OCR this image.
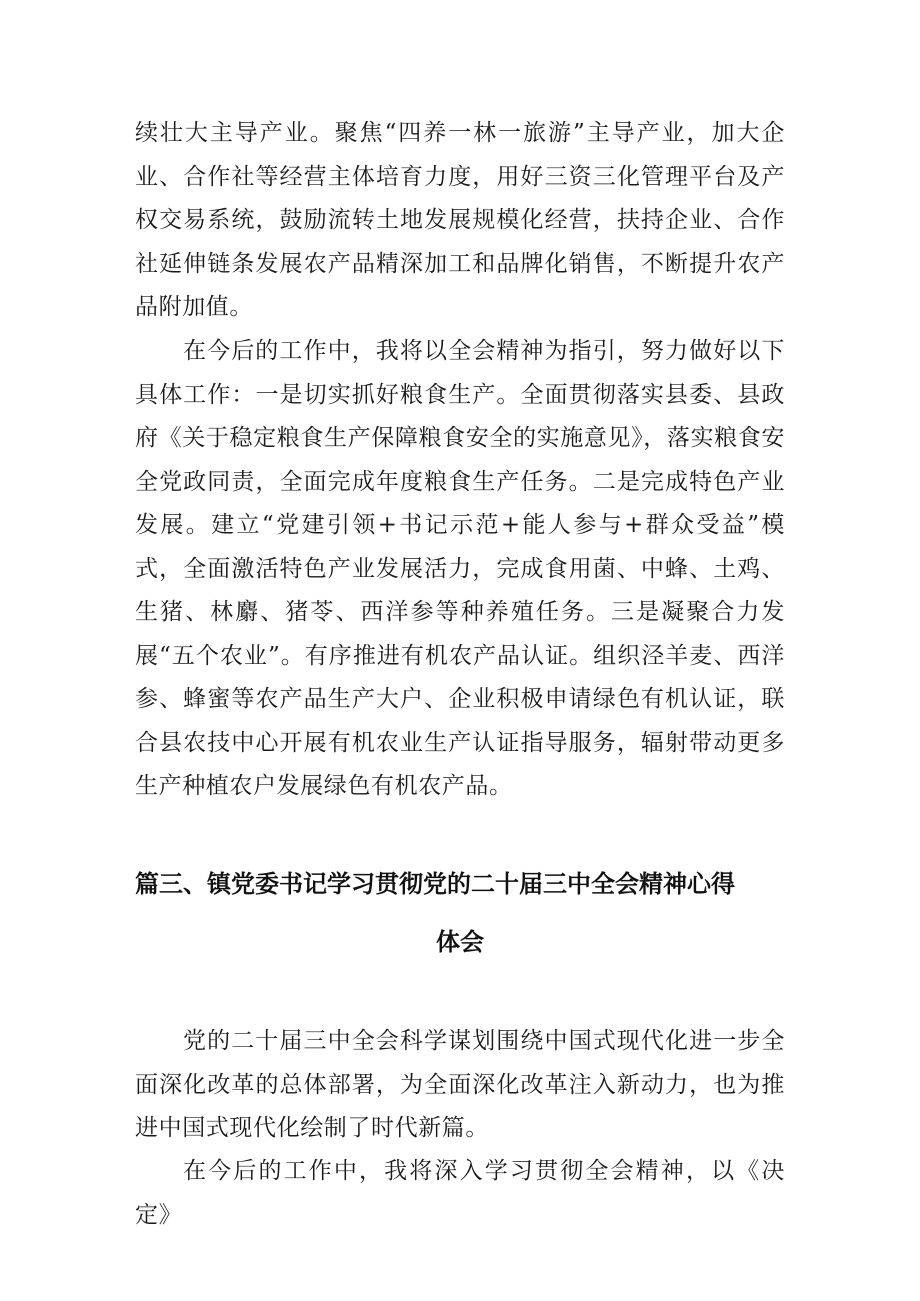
续壮大主导产业。聚焦“四养一林一旅游”主导产业，加大企业、合作社等经营主体培育力度，用好三资三化管理平台及产权交易系统，鼓励流转土地发展规模化经营，扶持企业、合作社延伸链条发展农产品精深加工和品牌化销售，不断提升农产品附加值。

在今后的工作中，我将以全会精神为指引，努力做好以下具体工作：一是切实抓好粮食生产。全面贯彻落实县委、县政府《关于稳定粮食生产保障粮食安全的实施意见》，落实粮食安全党政同责，全面完成年度粮食生产任务。二是完成特色产业发展。建立“党建引领+书记示范+能人参与+群众受益”模式，全面激活特色产业发展活力，完成食用菌、中蜂、土鸡、生猪、林麝、猪苓、西洋参等种养殖任务。三是凝聚合力发展“五个农业”。有序推进有机农产品认证。组织泾羊麦、西洋参、蜂蜜等农产品生产大户、企业积极申请绿色有机认证，联合县农技中心开展有机农业生产认证指导服务，辐射带动更多生产种植农户发展绿色有机农产品。

篇三、镇党委书记学习贯彻党的二十届三中全会精神心得
体会

党的二十届三中全会科学谋划围绕中国式现代化进一步全面深化改革的总体部署，为全面深化改革注入新动力，也为推进中国式现代化绘制了时代新篇。

在今后的工作中，我将深入学习贯彻全会精神，以《决定》
